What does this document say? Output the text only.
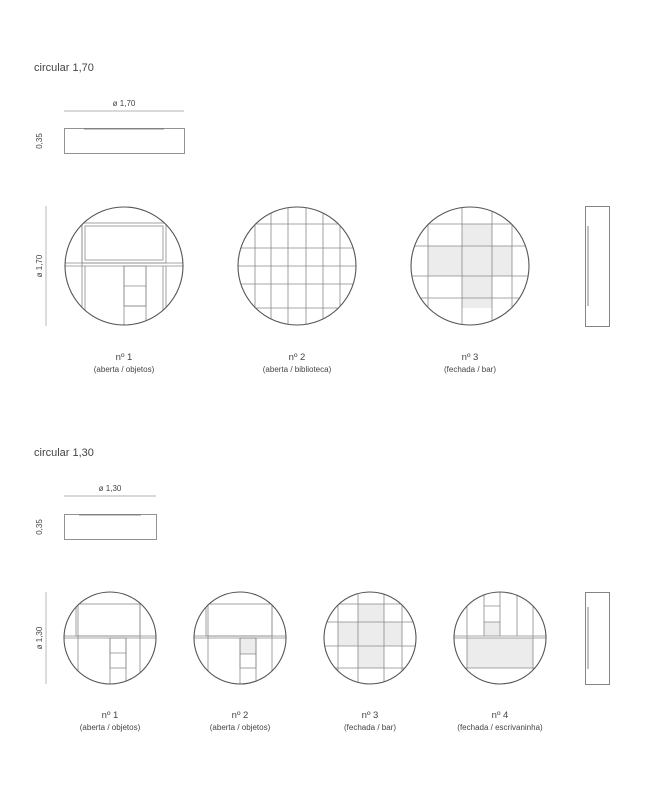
circular 1,70
ø 1,70
0,35
ø 1,70
nº 1
(aberta / objetos)
nº 2
(aberta / biblioteca)
nº 3
(fechada / bar)
circular 1,30
ø 1,30
0,35
ø 1,30
nº 1
(aberta / objetos)
nº 2
(aberta / objetos)
nº 3
(fechada / bar)
nº 4
(fechada / escrivaninha)
